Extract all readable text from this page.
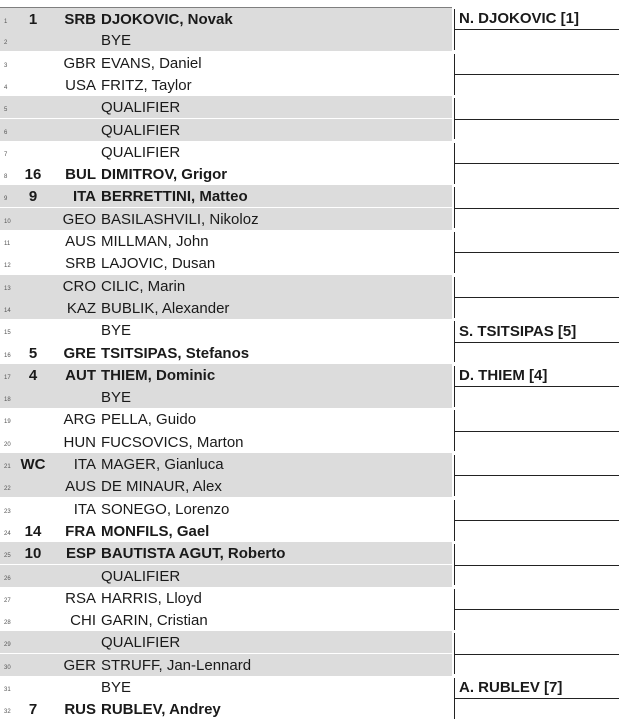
1	1	SRB DJOKOVIC, Novak
2	BYE
3	GBR EVANS, Daniel
4	USA FRITZ, Taylor
5	QUALIFIER
6	QUALIFIER
7	QUALIFIER
8	16	BUL DIMITROV, Grigor
9	9	ITA BERRETTINI, Matteo
10	GEO BASILASHVILI, Nikoloz
11	AUS MILLMAN, John
12	SRB LAJOVIC, Dusan
13	CRO CILIC, Marin
14	KAZ BUBLIK, Alexander
15	BYE
16	5	GRE TSITSIPAS, Stefanos
17	4	AUT THIEM, Dominic
18	BYE
19	ARG PELLA, Guido
20	HUN FUCSOVICS, Marton
21 WC	ITA MAGER, Gianluca
22	AUS DE MINAUR, Alex
23	ITA SONEGO, Lorenzo
24 14	FRA MONFILS, Gael
25 10	ESP BAUTISTA AGUT, Roberto
26	QUALIFIER
27	RSA HARRIS, Lloyd
28	CHI GARIN, Cristian
29	QUALIFIER
30	GER STRUFF, Jan-Lennard
31	BYE
32	7	RUS RUBLEV, Andrey
N. DJOKOVIC [1]
S. TSITSIPAS [5]
D. THIEM [4]
A. RUBLEV [7]
